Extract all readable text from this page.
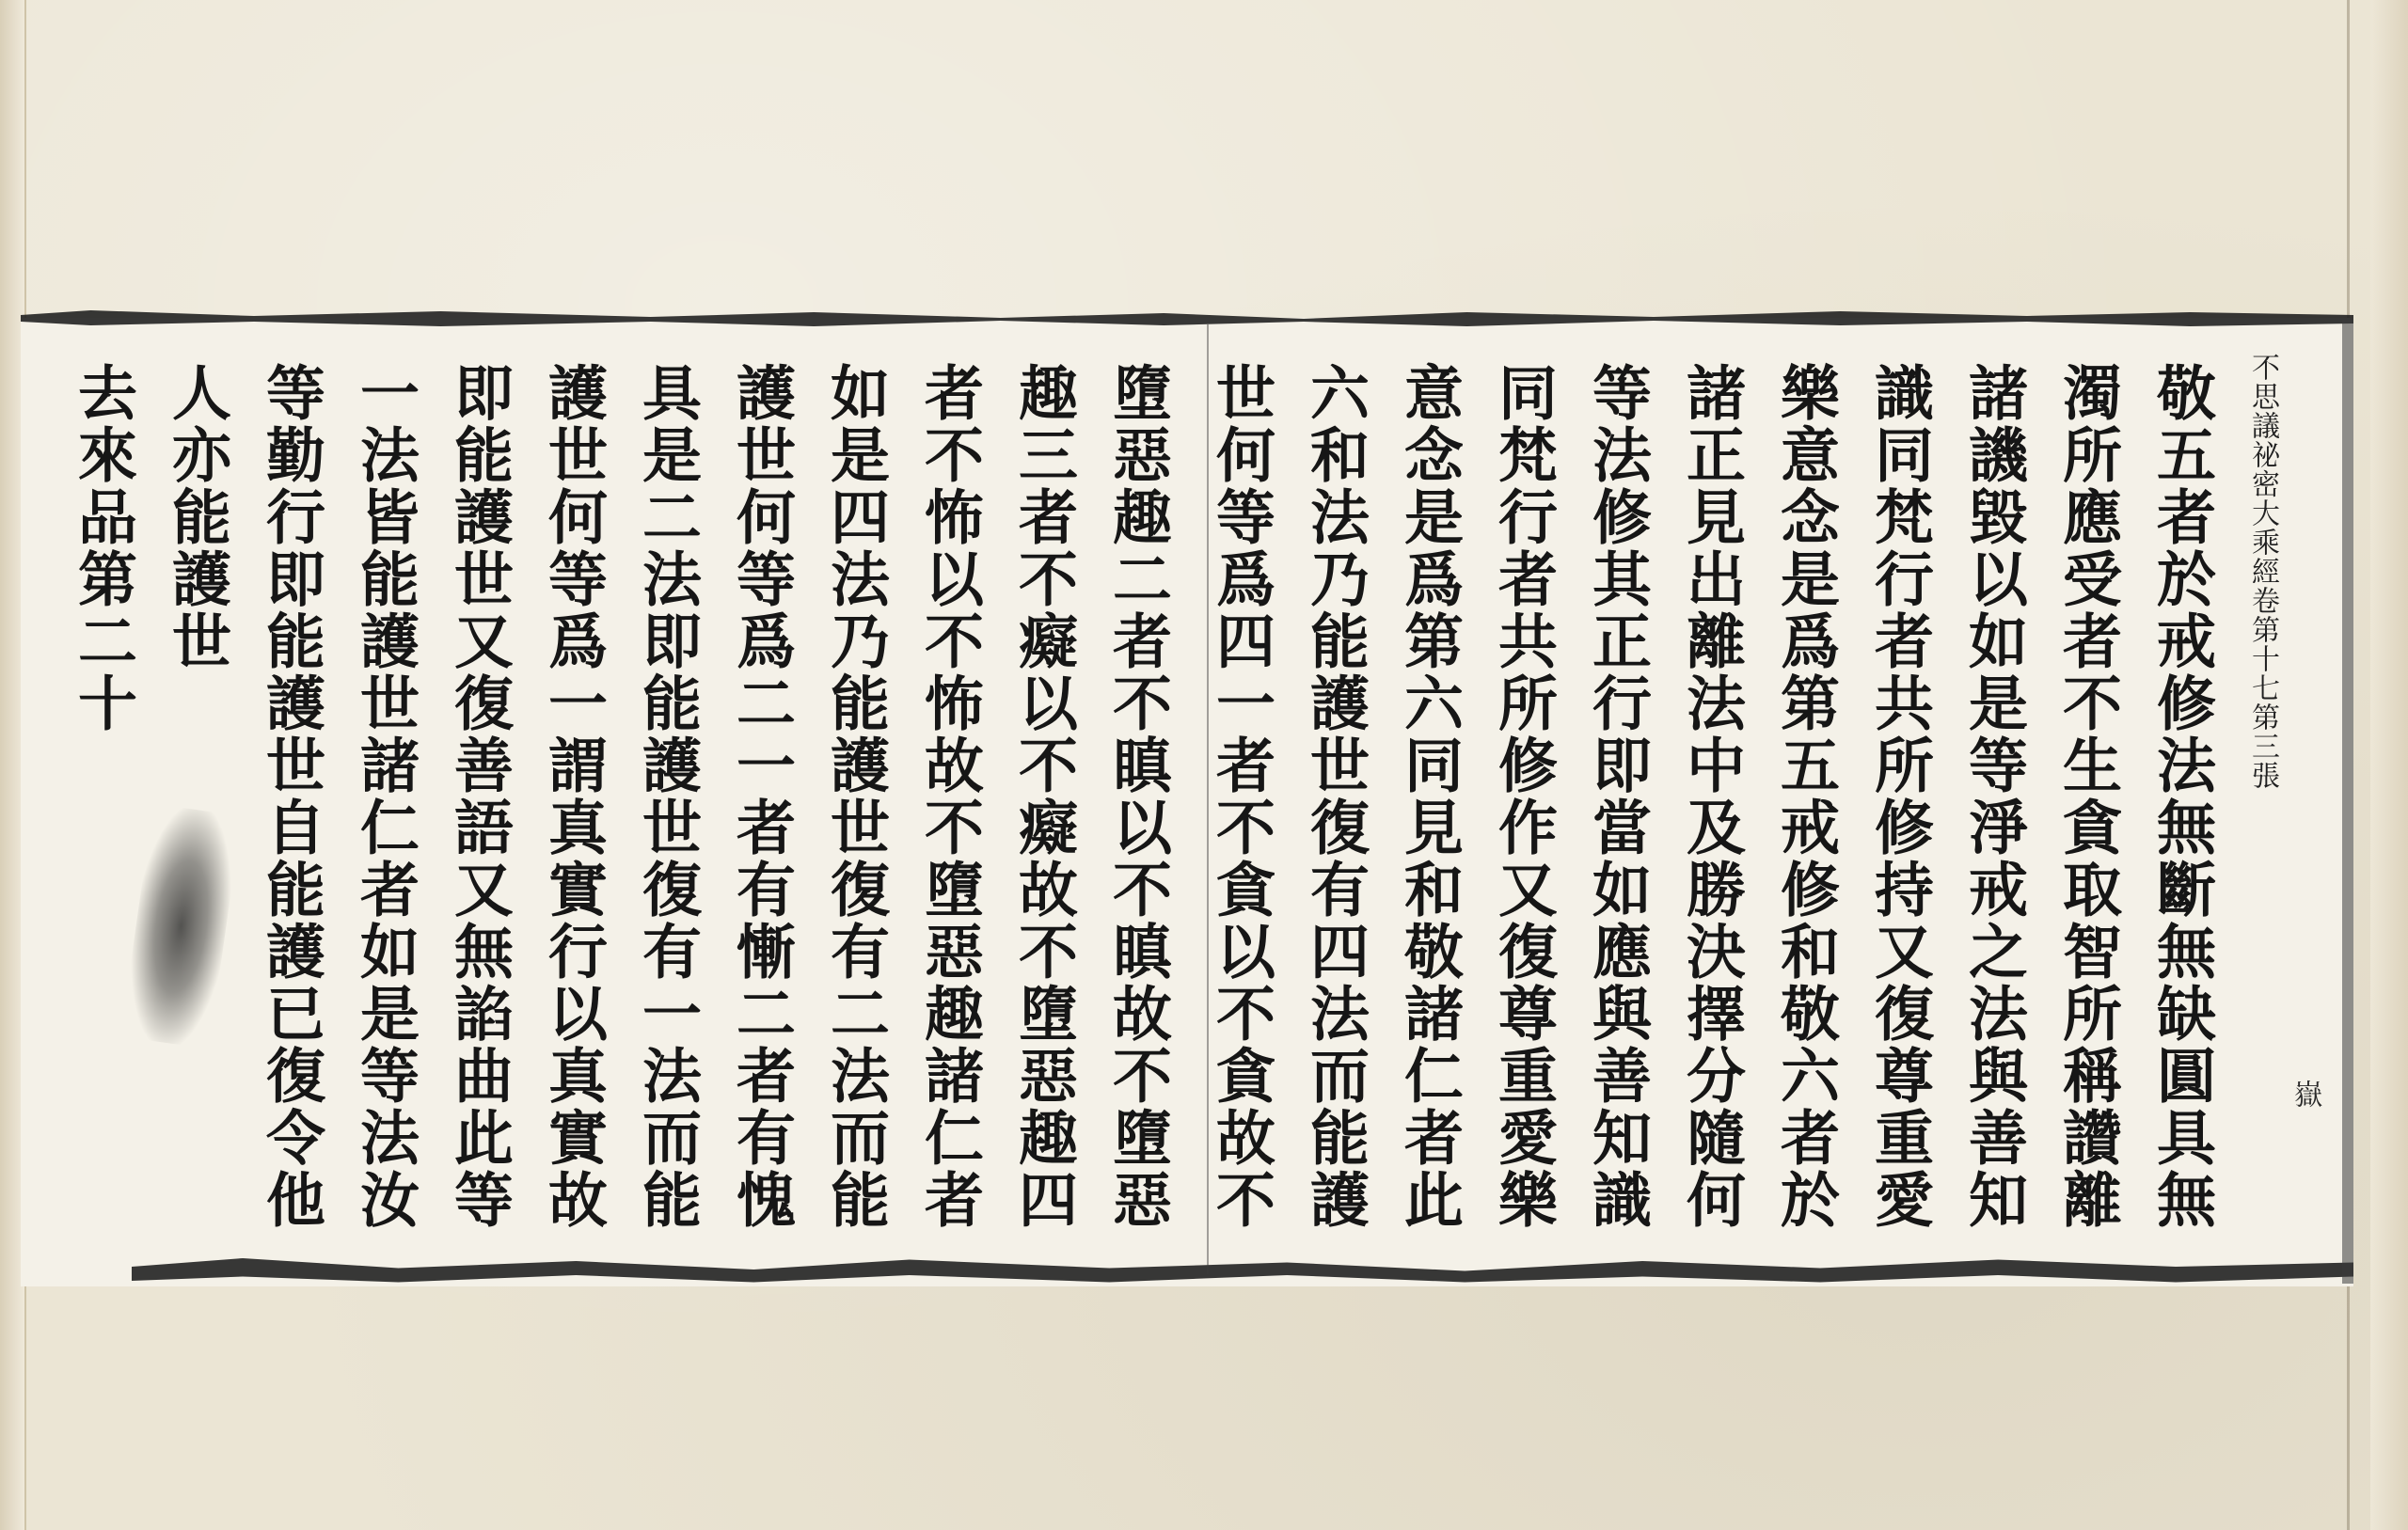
不思議祕密大乘經卷第十七第三張
嶽
敬五者於戒修法無斷無缺圓具無
濁所應受者不生貪取智所稱讚離
諸譏毀以如是等淨戒之法與善知
識同梵行者共所修持又復尊重愛
樂意念是爲第五戒修和敬六者於
諸正見出離法中及勝決擇分隨何
等法修其正行即當如應與善知識
同梵行者共所修作又復尊重愛樂
意念是爲第六同見和敬諸仁者此
六和法乃能護世復有四法而能護
世何等爲四一者不貪以不貪故不
墮惡趣二者不瞋以不瞋故不墮惡
趣三者不癡以不癡故不墮惡趣四
者不怖以不怖故不墮惡趣諸仁者
如是四法乃能護世復有二法而能
護世何等爲二一者有慚二者有愧
具是二法即能護世復有一法而能
護世何等爲一謂真實行以真實故
即能護世又復善語又無諂曲此等
一法皆能護世諸仁者如是等法汝
等勤行即能護世自能護已復令他
人亦能護世
去來品第二十
